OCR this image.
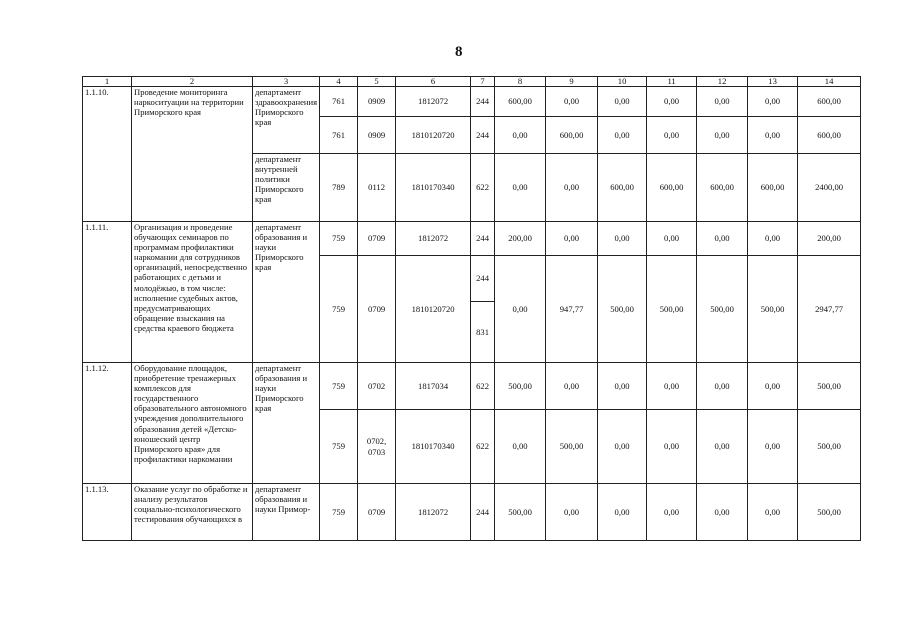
8
1	2	3	4	5	6	7	8	9	10	11	12	13	14
1.1.10.	Проведение мониторинга наркоситуации на территории Приморского края	департамент здравоохранения Приморского края	761	0909	1812072	244	600,00	0,00	0,00	0,00	0,00	0,00	600,00
			761	0909	1810120720	244	0,00	600,00	0,00	0,00	0,00	0,00	600,00
		департамент внутренней политики Приморского края	789	0112	1810170340	622	0,00	0,00	600,00	600,00	600,00	600,00	2400,00
1.1.11.	Организация и проведение обучающих семинаров по программам профилактики наркомании для сотрудников организаций, непосредственно работающих с детьми и молодёжью, в том числе: исполнение судебных актов, предусматривающих обращение взыскания на средства краевого бюджета	департамент образования и науки Приморского края	759	0709	1812072	244	200,00	0,00	0,00	0,00	0,00	0,00	200,00
			759	0709	1810120720	244	0,00	947,77	500,00	500,00	500,00	500,00	2947,77
						831							
1.1.12.	Оборудование площадок, приобретение тренажерных комплексов для государственного образовательного автономного учреждения дополнительного образования детей «Детско-юношеский центр Приморского края» для профилактики наркомании	департамент образования и науки Приморского края	759	0702	1817034	622	500,00	0,00	0,00	0,00	0,00	0,00	500,00
			759	0702, 0703	1810170340	622	0,00	500,00	0,00	0,00	0,00	0,00	500,00
1.1.13.	Оказание услуг по обработке и анализу результатов социально-психологического тестирования обучающихся в	департамент образования и науки Примор-	759	0709	1812072	244	500,00	0,00	0,00	0,00	0,00	0,00	500,00
